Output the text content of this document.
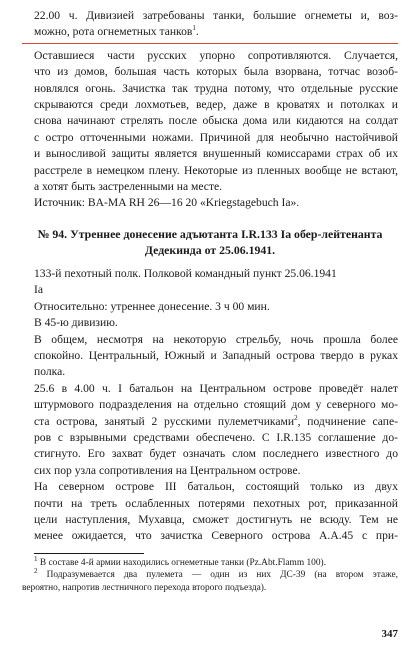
22.00 ч. Дивизией затребованы танки, большие огнеметы и, воз-
можно, рота огнеметных танков$^1$.

Оставшиеся части русских упорно сопротивляются. Случается,
что из домов, большая часть которых была взорвана, тотчас возоб-
новлялся огонь. Зачистка так трудна потому, что отдельные русские
скрываются среди лохмотьев, ведер, даже в кроватях и потолках и
снова начинают стрелять после обыска дома или кидаются на солдат
с остро отточенными ножами. Причиной для необычно настойчивой
и выносливой защиты является внушенный комиссарами страх об их
расстреле в немецком плену. Некоторые из пленных вообще не встают,
а хотят быть застреленными на месте.

Источник: BA-MA RH 26—16 20 «Kriegstagebuch Ia».

№ 94. Утреннее донесение адъютанта I.R.133 Ia обер-лейтенанта
Дедекинда от 25.06.1941.

133-й пехотный полк. Полковой командный пункт 25.06.1941

Ia

Относительно: утреннее донесение. 3 ч 00 мин.

В 45-ю дивизию.

В общем, несмотря на некоторую стрельбу, ночь прошла более
спокойно. Центральный, Южный и Западный острова твердо в руках
полка.

25.6 в 4.00 ч. I батальон на Центральном острове проведёт налет
штурмового подразделения на отдельно стоящий дом у северного мо-
ста острова, занятый 2 русскими пулеметчиками$^2$, подчинение сапе-
ров с взрывными средствами обеспечено. С I.R.135 соглашение до-
стигнуто. Его захват будет означать слом последнего известного до
сих пор узла сопротивления на Центральном острове.

На северном острове III батальон, состоящий только из двух
почти на треть ослабленных потерями пехотных рот, приказанной
цели наступления, Мухавца, сможет достигнуть не всюду. Тем не
менее ожидается, что зачистка Северного острова А.А.45 с при-

$^1$ В составе 4-й армии находились огнеметные танки (Pz.Abt.Flamm 100).

$^2$ Подразумевается два пулемета — один из них ДС-39 (на втором этаже,
вероятно, напротив лестничного перехода второго подъезда).

347
